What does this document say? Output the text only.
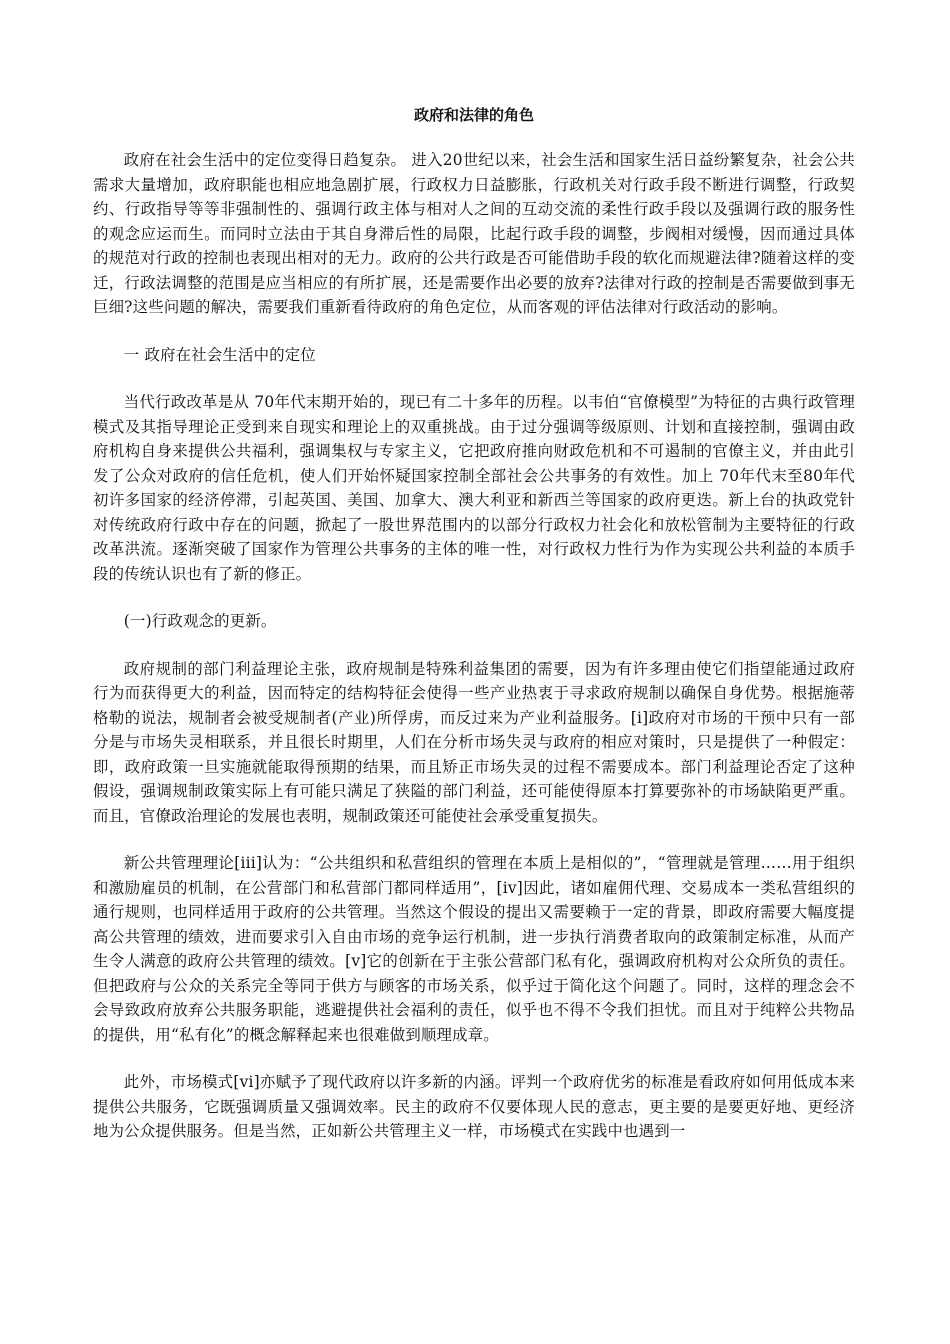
政府和法律的角色

政府在社会生活中的定位变得日趋复杂。 进入20世纪以来，社会生活和国家生活日益纷繁复杂，社会公共需求大量增加，政府职能也相应地急剧扩展，行政权力日益膨胀，行政机关对行政手段不断进行调整，行政契约、行政指导等等非强制性的、强调行政主体与相对人之间的互动交流的柔性行政手段以及强调行政的服务性的观念应运而生。而同时立法由于其自身滞后性的局限，比起行政手段的调整，步阀相对缓慢，因而通过具体的规范对行政的控制也表现出相对的无力。政府的公共行政是否可能借助手段的软化而规避法律?随着这样的变迁，行政法调整的范围是应当相应的有所扩展，还是需要作出必要的放弃?法律对行政的控制是否需要做到事无巨细?这些问题的解决，需要我们重新看待政府的角色定位，从而客观的评估法律对行政活动的影响。

一 政府在社会生活中的定位

当代行政改革是从 70年代末期开始的，现已有二十多年的历程。以韦伯“官僚模型”为特征的古典行政管理模式及其指导理论正受到来自现实和理论上的双重挑战。由于过分强调等级原则、计划和直接控制，强调由政府机构自身来提供公共福利，强调集权与专家主义，它把政府推向财政危机和不可遏制的官僚主义，并由此引发了公众对政府的信任危机，使人们开始怀疑国家控制全部社会公共事务的有效性。加上 70年代末至80年代初许多国家的经济停滞，引起英国、美国、加拿大、澳大利亚和新西兰等国家的政府更迭。新上台的执政党针对传统政府行政中存在的问题，掀起了一股世界范围内的以部分行政权力社会化和放松管制为主要特征的行政改革洪流。逐渐突破了国家作为管理公共事务的主体的唯一性，对行政权力性行为作为实现公共利益的本质手段的传统认识也有了新的修正。

(一)行政观念的更新。

政府规制的部门利益理论主张，政府规制是特殊利益集团的需要，因为有许多理由使它们指望能通过政府行为而获得更大的利益，因而特定的结构特征会使得一些产业热衷于寻求政府规制以确保自身优势。根据施蒂格勒的说法，规制者会被受规制者(产业)所俘虏，而反过来为产业利益服务。[i]政府对市场的干预中只有一部分是与市场失灵相联系，并且很长时期里，人们在分析市场失灵与政府的相应对策时，只是提供了一种假定：即，政府政策一旦实施就能取得预期的结果，而且矫正市场失灵的过程不需要成本。部门利益理论否定了这种假设，强调规制政策实际上有可能只满足了狭隘的部门利益，还可能使得原本打算要弥补的市场缺陷更严重。而且，官僚政治理论的发展也表明，规制政策还可能使社会承受重复损失。

新公共管理理论[iii]认为：“公共组织和私营组织的管理在本质上是相似的”，“管理就是管理……用于组织和激励雇员的机制，在公营部门和私营部门都同样适用”，[iv]因此，诸如雇佣代理、交易成本一类私营组织的通行规则，也同样适用于政府的公共管理。当然这个假设的提出又需要赖于一定的背景，即政府需要大幅度提高公共管理的绩效，进而要求引入自由市场的竞争运行机制，进一步执行消费者取向的政策制定标准，从而产生令人满意的政府公共管理的绩效。[v]它的创新在于主张公营部门私有化，强调政府机构对公众所负的责任。但把政府与公众的关系完全等同于供方与顾客的市场关系，似乎过于简化这个问题了。同时，这样的理念会不会导致政府放弃公共服务职能，逃避提供社会福利的责任，似乎也不得不令我们担忧。而且对于纯粹公共物品的提供，用“私有化”的概念解释起来也很难做到顺理成章。

此外，市场模式[vi]亦赋予了现代政府以许多新的内涵。评判一个政府优劣的标准是看政府如何用低成本来提供公共服务，它既强调质量又强调效率。民主的政府不仅要体现人民的意志，更主要的是要更好地、更经济地为公众提供服务。但是当然，正如新公共管理主义一样，市场模式在实践中也遇到一
